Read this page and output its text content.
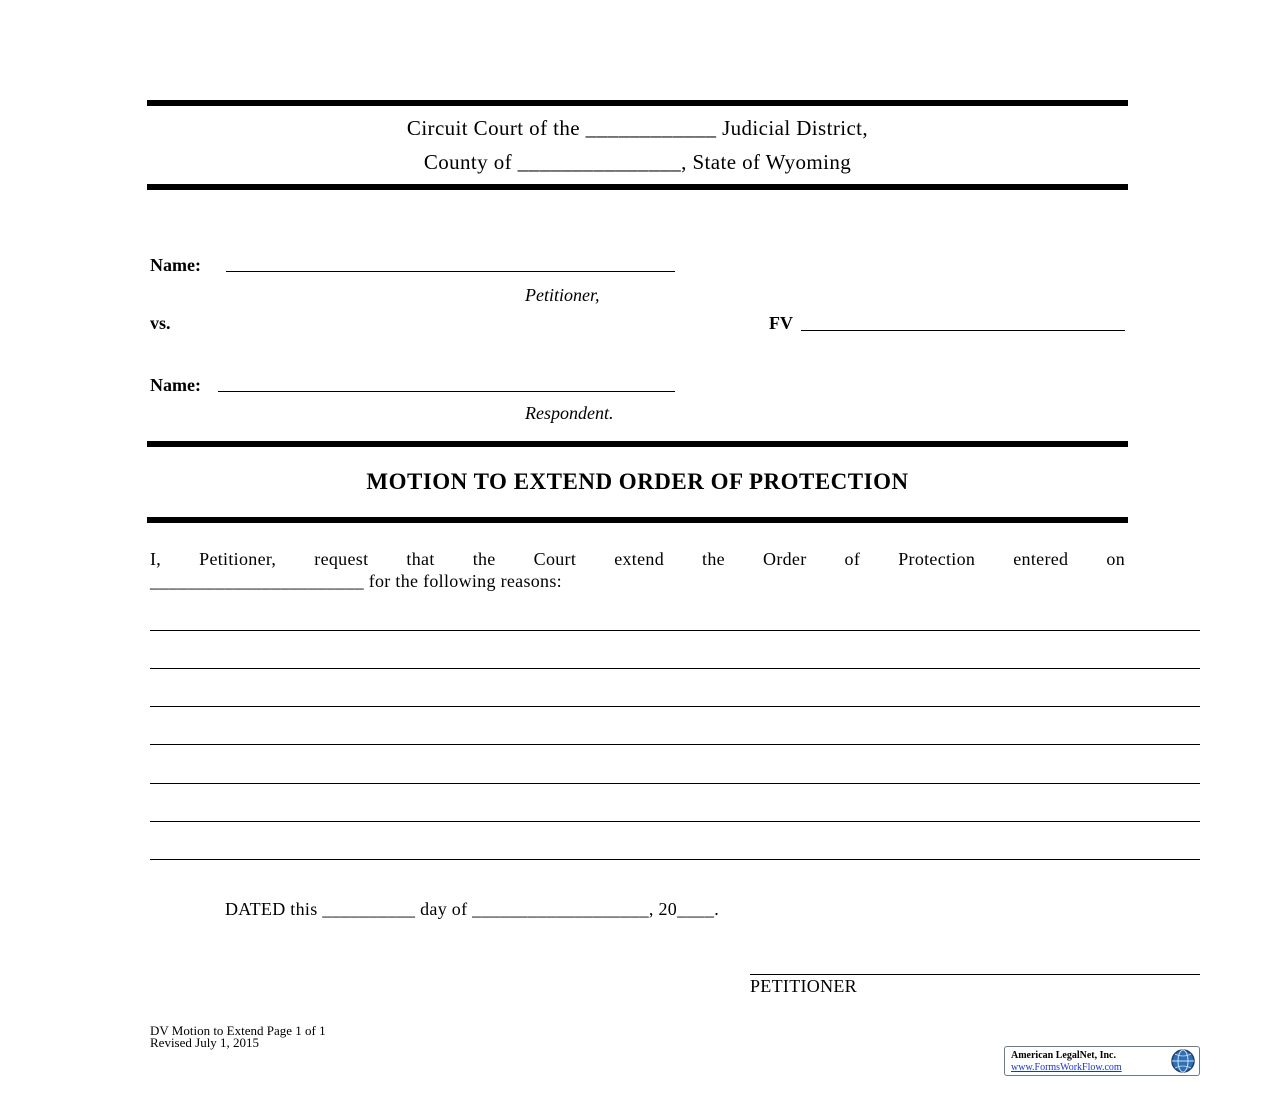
Circuit Court of the ____________ Judicial District,
County of _______________, State of Wyoming
Name:
Petitioner,
vs.	FV
Name:
Respondent.
MOTION TO EXTEND ORDER OF PROTECTION
I, Petitioner, request that the Court extend the Order of Protection entered on
_______________________ for the following reasons:
DATED this __________ day of ___________________, 20____.
PETITIONER
DV Motion to Extend Page 1 of 1
Revised July 1, 2015
American LegalNet, Inc.
www.FormsWorkFlow.com
